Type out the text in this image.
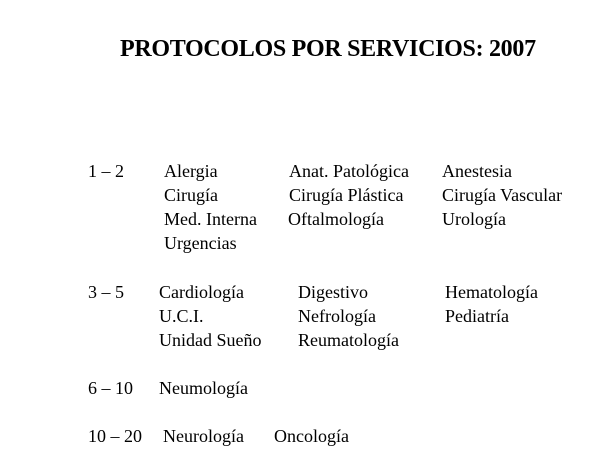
PROTOCOLOS POR SERVICIOS: 2007
1 – 2 Alergia
Cirugía
Med. Interna
Urgencias
Anat. Patológica
Cirugía Plástica
Oftalmología
Anestesia
Cirugía Vascular
Urología
3 – 5 Cardiología
U.C.I.
Unidad Sueño
Digestivo
Nefrología
Reumatología
Hematología
Pediatría
6 – 10 Neumología
10 – 20 Neurología Oncología
